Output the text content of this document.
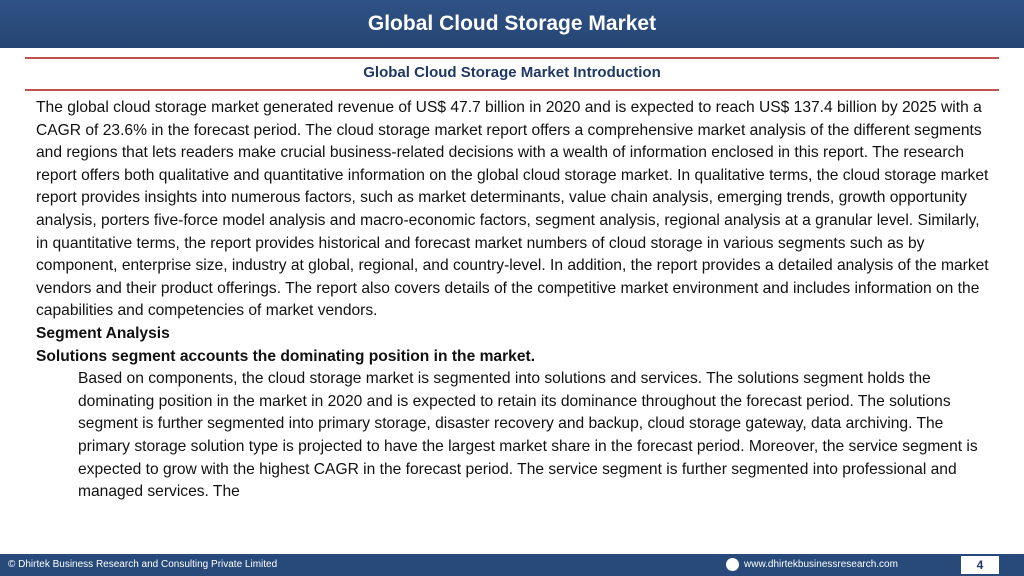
Global Cloud Storage Market
Global Cloud Storage Market Introduction

The global cloud storage market generated revenue of US$ 47.7 billion in 2020 and is expected to reach US$ 137.4 billion by 2025 with a CAGR of 23.6% in the forecast period. The cloud storage market report offers a comprehensive market analysis of the different segments and regions that lets readers make crucial business-related decisions with a wealth of information enclosed in this report. The research report offers both qualitative and quantitative information on the global cloud storage market. In qualitative terms, the cloud storage market report provides insights into numerous factors, such as market determinants, value chain analysis, emerging trends, growth opportunity analysis, porters five-force model analysis and macro-economic factors, segment analysis, regional analysis at a granular level. Similarly, in quantitative terms, the report provides historical and forecast market numbers of cloud storage in various segments such as by component, enterprise size, industry at global, regional, and country-level. In addition, the report provides a detailed analysis of the market vendors and their product offerings. The report also covers details of the competitive market environment and includes information on the capabilities and competencies of market vendors.

Segment Analysis

Solutions segment accounts the dominating position in the market.

Based on components, the cloud storage market is segmented into solutions and services. The solutions segment holds the dominating position in the market in 2020 and is expected to retain its dominance throughout the forecast period. The solutions segment is further segmented into primary storage, disaster recovery and backup, cloud storage gateway, data archiving. The primary storage solution type is projected to have the largest market share in the forecast period. Moreover, the service segment is expected to grow with the highest CAGR in the forecast period. The service segment is further segmented into professional and managed services. The

© Dhirtek Business Research and Consulting Private Limited	www.dhirtekbusinessresearch.com	4
